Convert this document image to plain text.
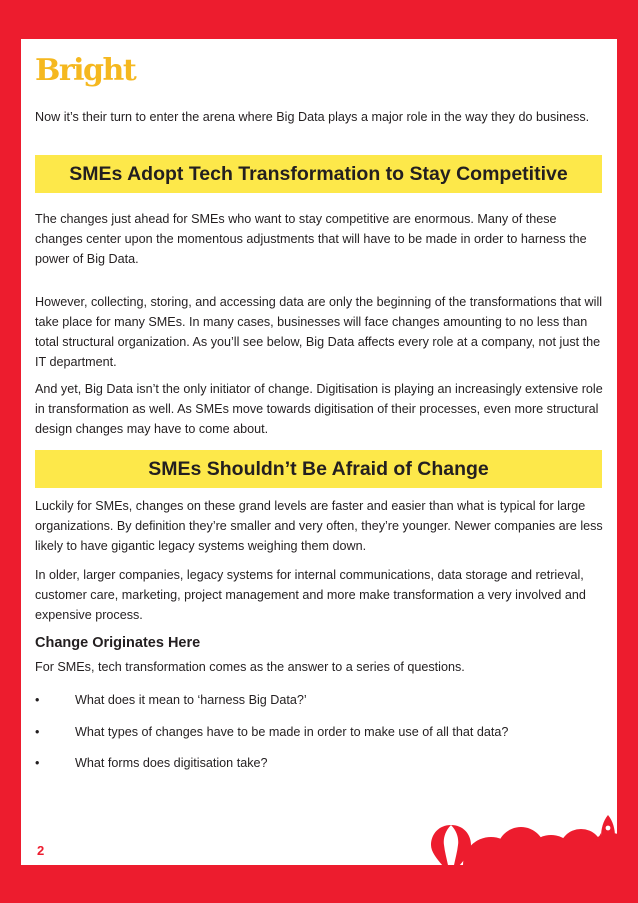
Bright

Now it’s their turn to enter the arena where Big Data plays a major role in the way they do business.

SMEs Adopt Tech Transformation to Stay Competitive

The changes just ahead for SMEs who want to stay competitive are enormous. Many of these changes center upon the momentous adjustments that will have to be made in order to harness the power of Big Data.

However, collecting, storing, and accessing data are only the beginning of the transformations that will take place for many SMEs. In many cases, businesses will face changes amounting to no less than total structural organization. As you’ll see below, Big Data affects every role at a company, not just the IT department.

And yet, Big Data isn’t the only initiator of change. Digitisation is playing an increasingly extensive role in transformation as well. As SMEs move towards digitisation of their processes, even more structural design changes may have to come about.

SMEs Shouldn’t Be Afraid of Change

Luckily for SMEs, changes on these grand levels are faster and easier than what is typical for large organizations. By definition they’re smaller and very often, they’re younger. Newer companies are less likely to have gigantic legacy systems weighing them down.

In older, larger companies, legacy systems for internal communications, data storage and retrieval, customer care, marketing, project management and more make transformation a very involved and expensive process.

Change Originates Here

For SMEs, tech transformation comes as the answer to a series of questions.

•	What does it mean to ‘harness Big Data?’
•	What types of changes have to be made in order to make use of all that data?
•	What forms does digitisation take?
2
